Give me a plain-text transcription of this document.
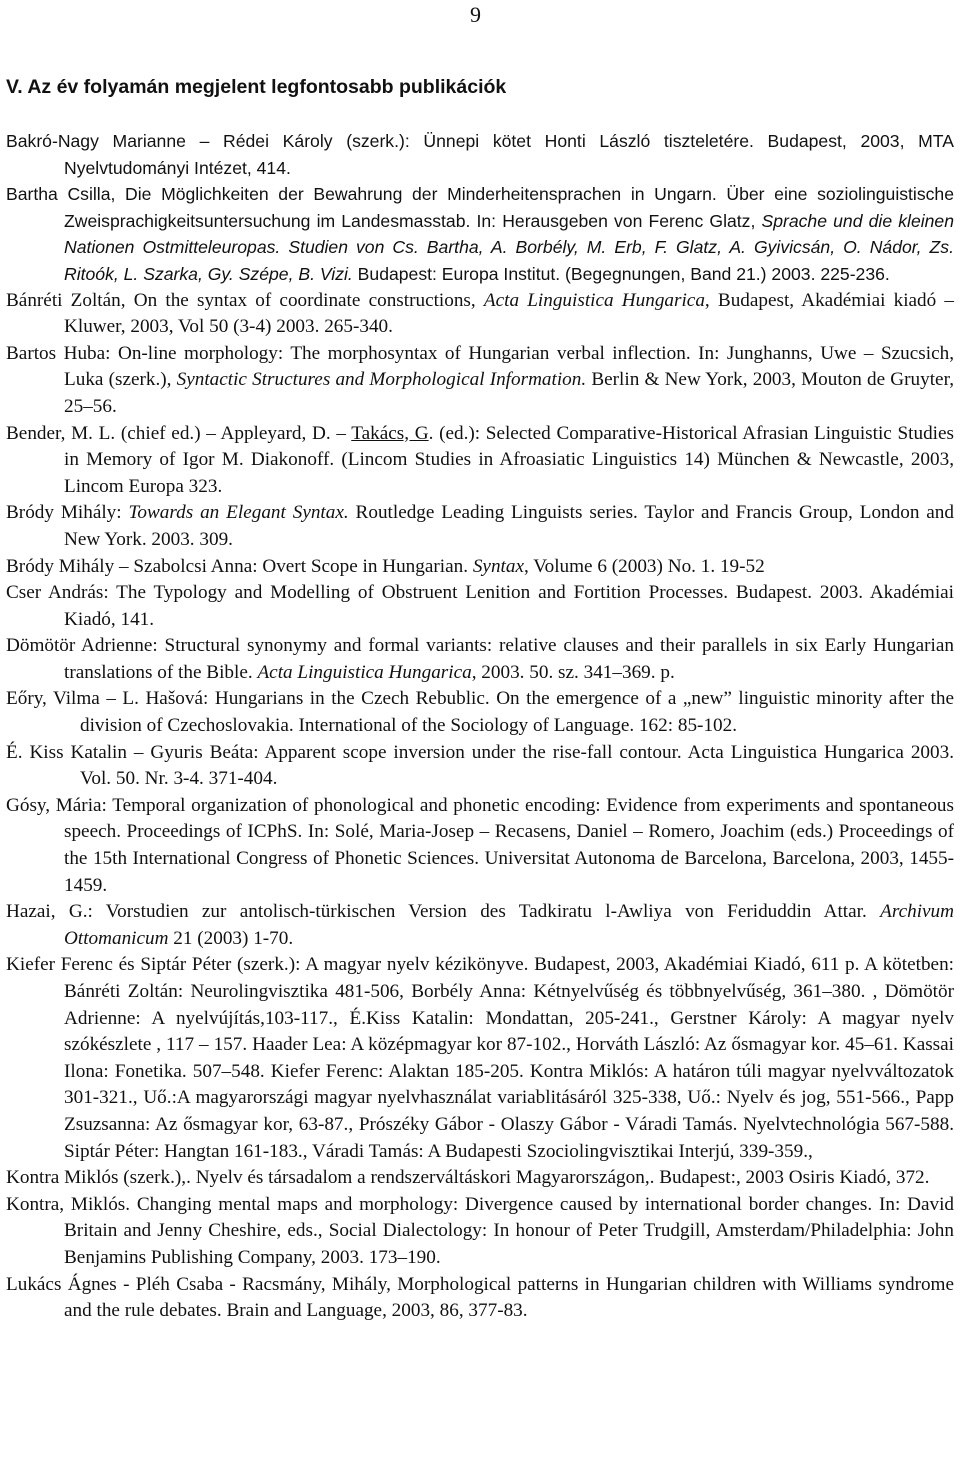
9
V. Az év folyamán megjelent legfontosabb publikációk

Bakró-Nagy Marianne – Rédei Károly (szerk.): Ünnepi kötet Honti László tiszteletére. Budapest, 2003, MTA Nyelvtudományi Intézet, 414.

Bartha Csilla, Die Möglichkeiten der Bewahrung der Minderheitensprachen in Ungarn. Über eine soziolinguistische Zweisprachigkeitsuntersuchung im Landesmasstab. In: Herausgeben von Ferenc Glatz, Sprache und die kleinen Nationen Ostmitteleuropas. Studien von Cs. Bartha, A. Borbély, M. Erb, F. Glatz, A. Gyivicsán, O. Nádor, Zs. Ritoók, L. Szarka, Gy. Szépe, B. Vizi. Budapest: Europa Institut. (Begegnungen, Band 21.) 2003. 225-236.

Bánréti Zoltán, On the syntax of coordinate constructions, Acta Linguistica Hungarica, Budapest, Akadémiai kiadó – Kluwer, 2003, Vol 50 (3-4) 2003. 265-340.

Bartos Huba: On-line morphology: The morphosyntax of Hungarian verbal inflection. In: Junghanns, Uwe – Szucsich, Luka (szerk.), Syntactic Structures and Morphological Information. Berlin & New York, 2003, Mouton de Gruyter, 25–56.

Bender, M. L. (chief ed.) – Appleyard, D. – Takács, G. (ed.): Selected Comparative-Historical Afrasian Linguistic Studies in Memory of Igor M. Diakonoff. (Lincom Studies in Afroasiatic Linguistics 14) München & Newcastle, 2003, Lincom Europa 323.

Bródy Mihály: Towards an Elegant Syntax. Routledge Leading Linguists series. Taylor and Francis Group, London and New York. 2003. 309.

Bródy Mihály – Szabolcsi Anna: Overt Scope in Hungarian. Syntax, Volume 6 (2003) No. 1. 19-52

Cser András: The Typology and Modelling of Obstruent Lenition and Fortition Processes. Budapest. 2003. Akadémiai Kiadó, 141.

Dömötör Adrienne: Structural synonymy and formal variants: relative clauses and their parallels in six Early Hungarian translations of the Bible. Acta Linguistica Hungarica, 2003. 50. sz. 341–369. p.

Eőry, Vilma – L. Hašová: Hungarians in the Czech Rebublic. On the emergence of a „new” linguistic minority after the division of Czechoslovakia. International of the Sociology of Language. 162: 85-102.

É. Kiss Katalin – Gyuris Beáta: Apparent scope inversion under the rise-fall contour. Acta Linguistica Hungarica 2003. Vol. 50. Nr. 3-4. 371-404.

Gósy, Mária: Temporal organization of phonological and phonetic encoding: Evidence from experiments and spontaneous speech. Proceedings of ICPhS. In: Solé, Maria-Josep – Recasens, Daniel – Romero, Joachim (eds.) Proceedings of the 15th International Congress of Phonetic Sciences. Universitat Autonoma de Barcelona, Barcelona, 2003, 1455-1459.

Hazai, G.: Vorstudien zur antolisch-türkischen Version des Tadkiratu l-Awliya von Feriduddin Attar. Archivum Ottomanicum 21 (2003) 1-70.

Kiefer Ferenc és Siptár Péter (szerk.): A magyar nyelv kézikönyve. Budapest, 2003, Akadémiai Kiadó, 611 p. A kötetben: Bánréti Zoltán: Neurolingvisztika 481-506, Borbély Anna: Kétnyelvűség és többnyelvűség, 361–380. , Dömötör Adrienne: A nyelvújítás,103-117., É.Kiss Katalin: Mondattan, 205-241., Gerstner Károly: A magyar nyelv szókészlete , 117 – 157. Haader Lea: A középmagyar kor 87-102., Horváth László: Az ősmagyar kor. 45–61. Kassai Ilona: Fonetika. 507–548. Kiefer Ferenc: Alaktan 185-205. Kontra Miklós: A határon túli magyar nyelvváltozatok 301-321., Uő.:A magyarországi magyar nyelvhasználat variablitásáról 325-338, Uő.: Nyelv és jog, 551-566., Papp Zsuzsanna: Az ősmagyar kor, 63-87., Prószéky Gábor - Olaszy Gábor - Váradi Tamás. Nyelvtechnológia 567-588. Siptár Péter: Hangtan 161-183., Váradi Tamás: A Budapesti Szociolingvisztikai Interjú, 339-359.,

Kontra Miklós (szerk.),. Nyelv és társadalom a rendszerváltáskori Magyarországon,. Budapest:, 2003 Osiris Kiadó, 372.

Kontra, Miklós. Changing mental maps and morphology: Divergence caused by international border changes. In: David Britain and Jenny Cheshire, eds., Social Dialectology: In honour of Peter Trudgill, Amsterdam/Philadelphia: John Benjamins Publishing Company, 2003. 173–190.

Lukács Ágnes - Pléh Csaba - Racsmány, Mihály, Morphological patterns in Hungarian children with Williams syndrome and the rule debates. Brain and Language, 2003, 86, 377-83.
